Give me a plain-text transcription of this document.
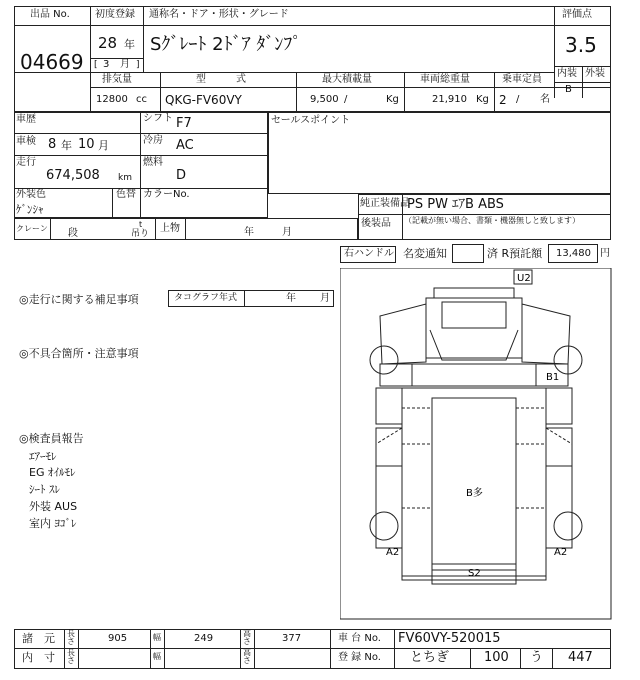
出品 No.
04669
初度登録
28 年
[ 3 月 ]
通称名・ドア・形状・グレード
Sｸﾞﾚｰﾄ 2ﾄﾞｱ ﾀﾞﾝﾌﾟ
評価点
3.5
内装 外装
B
排気量
12800 cc
型　　　式
QKG-FV60VY
最大積載量
9,500 /	Kg
車両総重量
21,910 Kg
乗車定員
2 / 名
車歴	シフト F7
車検 8 年 10 月	冷房 AC
走行
674,508 km
燃料
D
外装色
ｹﾞﾝｼｬ
色替 カラーNo.
セールスポイント
純正装備品
PS PW ｴｱB ABS
後装品 （記載が無い場合、書類・機器無しと致します）
クレーン 段
t
吊り 上物	年	月
右ハンドル 名変通知	済 R預託額 13,480 円
◎走行に関する補足事項	タコグラフ年式	年 月
◎不具合箇所・注意事項
◎検査員報告
ｴｱｰﾓﾚ
EG ｵｲﾙﾓﾚ
ｼｰﾄ ｽﾚ
外装 AUS
室内 ﾖｺﾞﾚ
U2
B1
B多
A2	A2
S2
諸　元 長さ	905	幅	249	高さ	377	車 台 No. FV60VY-520015
内　寸 長さ	幅	高さ	登 録 No. とちぎ	100 う 447
